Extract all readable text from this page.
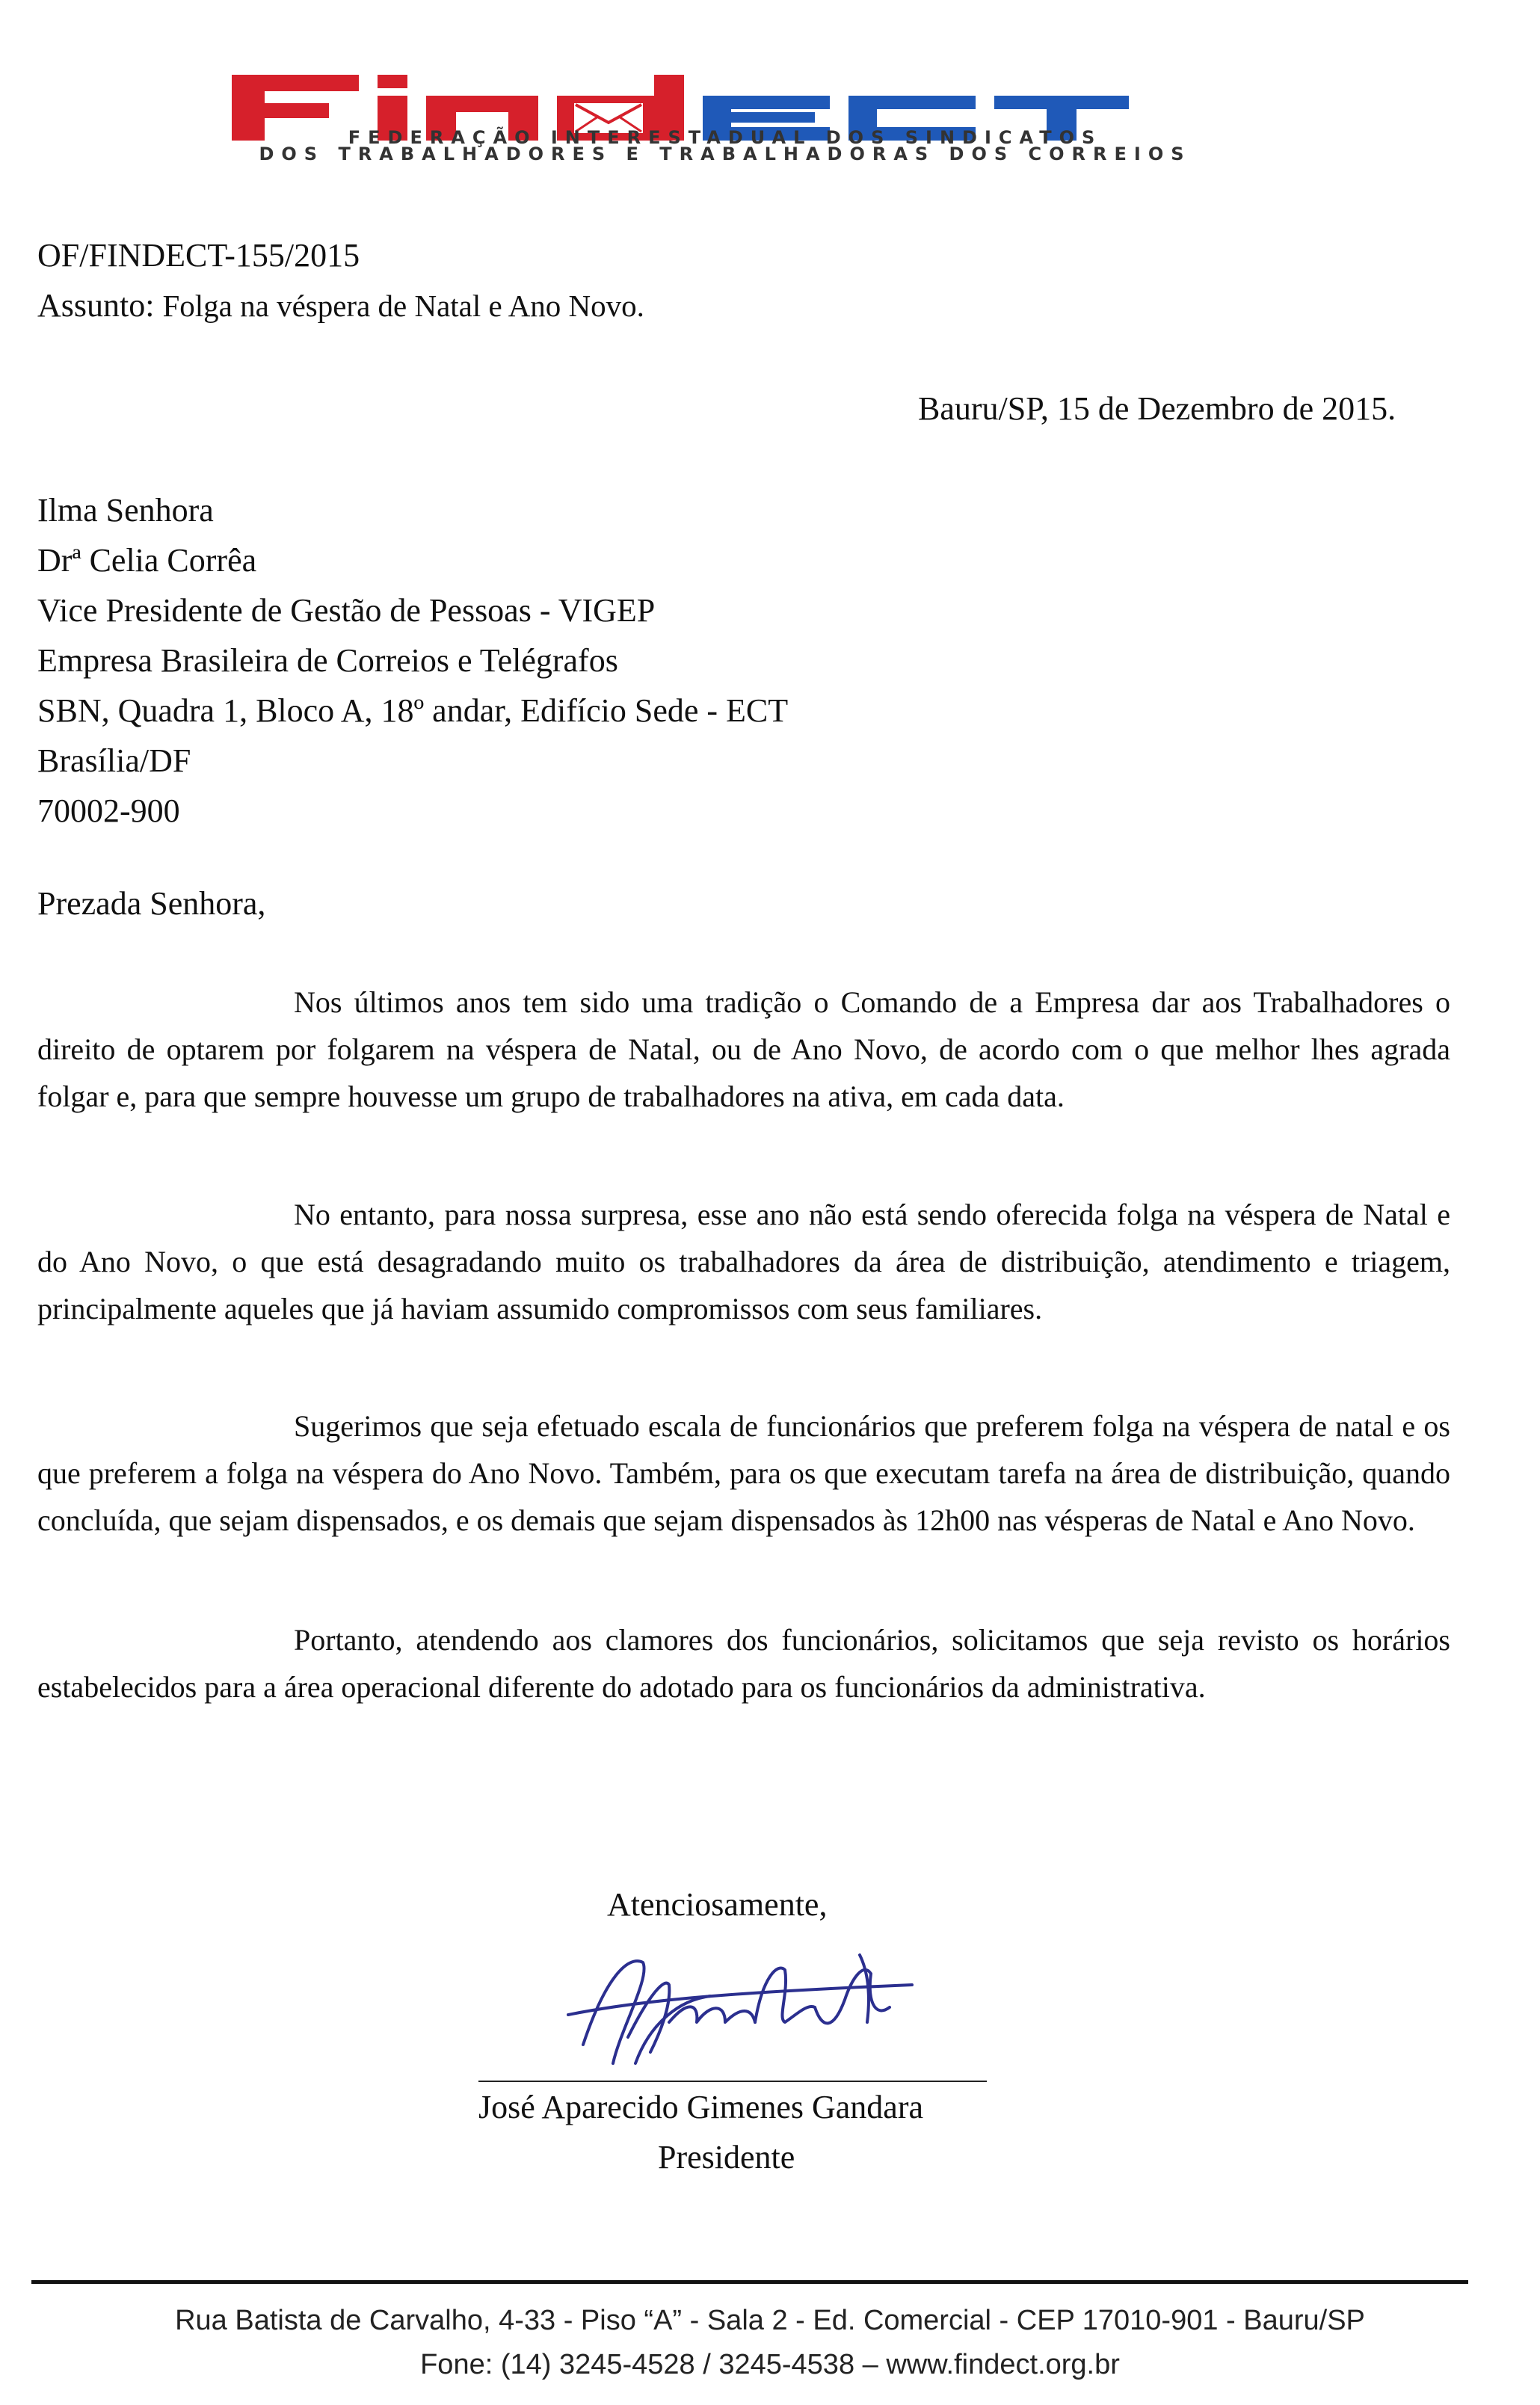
FEDERAÇÃO INTERESTADUAL DOS SINDICATOS
DOS TRABALHADORES E TRABALHADORAS DOS CORREIOS
OF/FINDECT-155/2015
Assunto: Folga na véspera de Natal e Ano Novo.
Bauru/SP, 15 de Dezembro de 2015.
Ilma Senhora
Drª Celia Corrêa
Vice Presidente de Gestão de Pessoas - VIGEP
Empresa Brasileira de Correios e Telégrafos
SBN, Quadra 1, Bloco A, 18º andar, Edifício Sede - ECT
Brasília/DF
70002-900
Prezada Senhora,
Nos últimos anos tem sido uma tradição o Comando de a Empresa dar aos Trabalhadores o direito de optarem por folgarem na véspera de Natal, ou de Ano Novo, de acordo com o que melhor lhes agrada folgar e, para que sempre houvesse um grupo de trabalhadores na ativa, em cada data.
No entanto, para nossa surpresa, esse ano não está sendo oferecida folga na véspera de Natal e do Ano Novo, o que está desagradando muito os trabalhadores da área de distribuição, atendimento e triagem, principalmente aqueles que já haviam assumido compromissos com seus familiares.
Sugerimos que seja efetuado escala de funcionários que preferem folga na véspera de natal e os que preferem a folga na véspera do Ano Novo. Também, para os que executam tarefa na área de distribuição, quando concluída, que sejam dispensados, e os demais que sejam dispensados às 12h00 nas vésperas de Natal e Ano Novo.
Portanto, atendendo aos clamores dos funcionários, solicitamos que seja revisto os horários estabelecidos para a área operacional diferente do adotado para os funcionários da administrativa.
Atenciosamente,
José Aparecido Gimenes Gandara
Presidente
Rua Batista de Carvalho, 4-33 - Piso “A” - Sala 2 - Ed. Comercial - CEP 17010-901 - Bauru/SP
Fone: (14) 3245-4528 / 3245-4538 – www.findect.org.br
